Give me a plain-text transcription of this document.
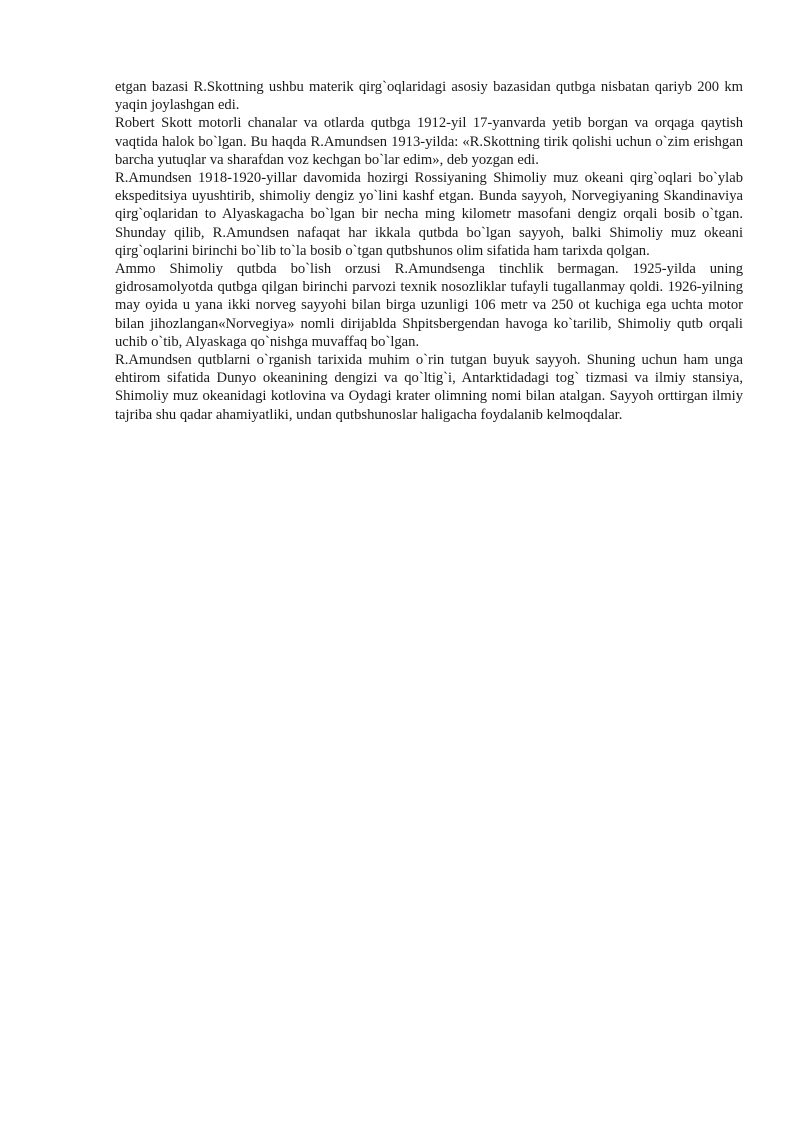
etgan bazasi R.Skottning ushbu materik qirg`oqlaridagi asosiy bazasidan qutbga nisbatan qariyb 200 km yaqin joylashgan edi.

Robert Skott motorli chanalar va otlarda qutbga 1912-yil 17-yanvarda yetib borgan va orqaga qaytish vaqtida halok bo`lgan. Bu haqda R.Amundsen 1913-yilda: «R.Skottning tirik qolishi uchun o`zim erishgan barcha yutuqlar va sharafdan voz kechgan bo`lar edim», deb yozgan edi.

R.Amundsen 1918-1920-yillar davomida hozirgi Rossiyaning Shimoliy muz okeani qirg`oqlari bo`ylab ekspeditsiya uyushtirib, shimoliy dengiz yo`lini kashf etgan. Bunda sayyoh, Norvegiyaning Skandinaviya qirg`oqlaridan to Alyaskagacha bo`lgan bir necha ming kilometr masofani dengiz orqali bosib o`tgan. Shunday qilib, R.Amundsen nafaqat har ikkala qutbda bo`lgan sayyoh, balki Shimoliy muz okeani qirg`oqlarini birinchi bo`lib to`la bosib o`tgan qutbshunos olim sifatida ham tarixda qolgan.

Ammo Shimoliy qutbda bo`lish orzusi R.Amundsenga tinchlik bermagan. 1925-yilda uning gidrosamolyotda qutbga qilgan birinchi parvozi texnik nosozliklar tufayli tugallanmay qoldi. 1926-yilning may oyida u yana ikki norveg sayyohi bilan birga uzunligi 106 metr va 250 ot kuchiga ega uchta motor bilan jihozlangan«Norvegiya» nomli dirijablda Shpitsbergendan havoga ko`tarilib, Shimoliy qutb orqali uchib o`tib, Alyaskaga qo`nishga muvaffaq bo`lgan.

R.Amundsen qutblarni o`rganish tarixida muhim o`rin tutgan buyuk sayyoh. Shuning uchun ham unga ehtirom sifatida Dunyo okeanining dengizi va qo`ltig`i, Antarktidadagi tog` tizmasi va ilmiy stansiya, Shimoliy muz okeanidagi kotlovina va Oydagi krater olimning nomi bilan atalgan. Sayyoh orttirgan ilmiy tajriba shu qadar ahamiyatliki, undan qutbshunoslar haligacha foydalanib kelmoqdalar.
